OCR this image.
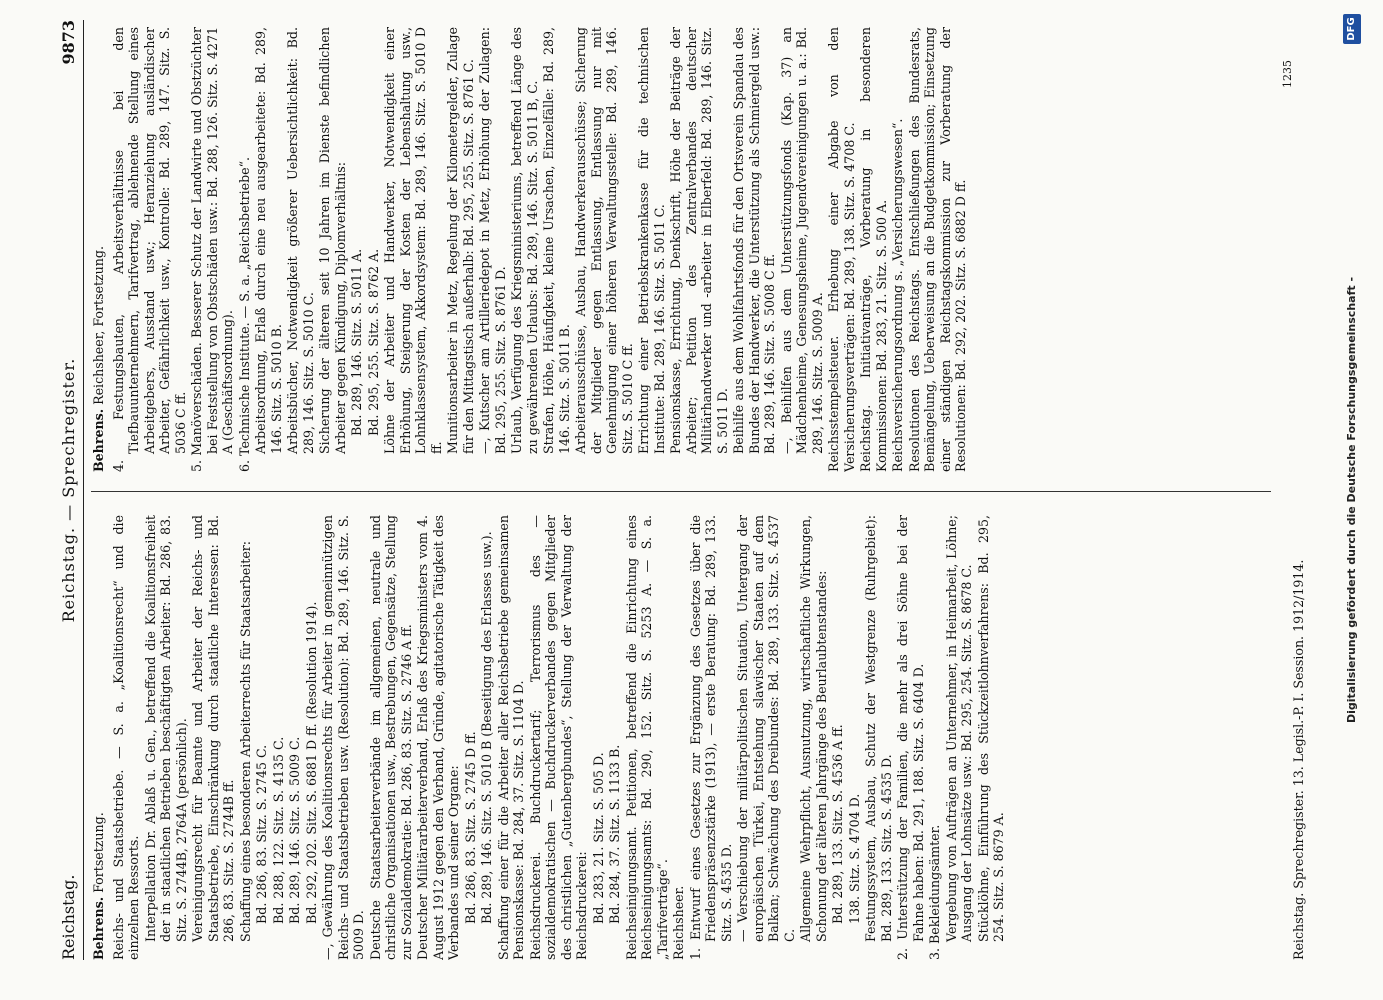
Reichstag.
Reichstag. — Sprechregister.
9873
Behrens. Fortsetzung. Reichs- und Staatsbetriebe. — S. a. „Koalitionsrecht“ und die einzelnen Ressorts. Interpellation Dr. Ablaß u. Gen., betreffend die Koalitionsfreiheit der in staatlichen Betrieben beschäftigten Arbeiter: Bd. 286, 83. Sitz. S. 2744B, 2764A (persönlich). Vereinigungsrecht für Beamte und Arbeiter der Reichs- und Staatsbetriebe, Einschränkung durch staatliche Interessen: Bd. 286, 83. Sitz. S. 2744B ff. Schaffung eines besonderen Arbeiterrechts für Staatsarbeiter: Bd. 286, 83. Sitz. S. 2745 C. Bd. 288, 122. Sitz. S. 4135 C. Bd. 289, 146. Sitz. S. 5009 C. Bd. 292, 202. Sitz. S. 6881 D ff. (Resolution 1914). —, Gewährung des Koalitionsrechts für Arbeiter in gemeinnützigen Reichs- und Staatsbetrieben usw. (Resolution): Bd. 289, 146. Sitz. S. 5009 D. Deutsche Staatsarbeiterverbände im allgemeinen, neutrale und christliche Organisationen usw., Bestrebungen, Gegensätze, Stellung zur Sozialdemokratie: Bd. 286, 83. Sitz. S. 2746 A ff. Deutscher Militärarbeiterverband, Erlaß des Kriegsministers vom 4. August 1912 gegen den Verband, Gründe, agitatorische Tätigkeit des Verbandes und seiner Organe: Bd. 286, 83. Sitz. S. 2745 D ff. Bd. 289, 146. Sitz. S. 5010 B (Beseitigung des Erlasses usw.). Schaffung einer für die Arbeiter aller Reichsbetriebe gemeinsamen Pensionskasse: Bd. 284, 37. Sitz. S. 1104 D. Reichsdruckerei. Buchdruckertarif; Terrorismus des — sozialdemokratischen — Buchdruckerverbandes gegen Mitglieder des christlichen „Gutenbergbundes“, Stellung der Verwaltung der Reichsdruckerei: Bd. 283, 21. Sitz. S. 505 D. Bd. 284, 37. Sitz. S. 1133 B. Reichseinigungsamt. Petitionen, betreffend die Einrichtung eines Reichseinigungsamts: Bd. 290, 152. Sitz. S. 5253 A. — S. a. „Tarifverträge“. Reichsheer. 1. Entwurf eines Gesetzes zur Ergänzung des Gesetzes über die Friedenspräsenzstärke (1913), — erste Beratung: Bd. 289, 133. Sitz. S. 4535 D. — Verschiebung der militärpolitischen Situation, Untergang der europäischen Türkei, Entstehung slawischer Staaten auf dem Balkan; Schwächung des Dreibundes: Bd. 289, 133. Sitz. S. 4537 C. Allgemeine Wehrpflicht, Ausnutzung, wirtschaftliche Wirkungen, Schonung der älteren Jahrgänge des Beurlaubtenstandes: Bd. 289, 133. Sitz. S. 4536 A ff. 138. Sitz. S. 4704 D. Festungssystem, Ausbau, Schutz der Westgrenze (Ruhrgebiet): Bd. 289, 133. Sitz. S. 4535 D. 2. Unterstützung der Familien, die mehr als drei Söhne bei der Fahne haben: Bd. 291, 188. Sitz. S. 6404 D. 3. Bekleidungsämter. Vergebung von Aufträgen an Unternehmer, in Heimarbeit, Löhne; Ausgang der Lohnsätze usw.: Bd. 295, 254. Sitz. S. 8678 C. Stücklöhne, Einführung des Stückzeitlohnverfahrens: Bd. 295, 254. Sitz. S. 8679 A.

Behrens. Reichsheer, Fortsetzung. 4. Festungsbauten, Arbeitsverhältnisse bei den Tiefbauunternehmern, Tarifvertrag, ablehnende Stellung eines Arbeitgebers, Ausstand usw.; Heranziehung ausländischer Arbeiter, Gefährlichkeit usw., Kontrolle: Bd. 289, 147. Sitz. S. 5036 C ff. 5. Manöverschäden. Besserer Schutz der Landwirte und Obstzüchter bei Feststellung von Obstschäden usw.: Bd. 288, 126. Sitz. S. 4271 A (Geschäftsordnung). 6. Technische Institute. — S. a. „Reichsbetriebe“. Arbeitsordnung, Erlaß durch eine neu ausgearbeitete: Bd. 289, 146. Sitz. S. 5010 B. Arbeitsbücher, Notwendigkeit größerer Uebersichtlichkeit: Bd. 289, 146. Sitz. S. 5010 C. Sicherung der älteren seit 10 Jahren im Dienste befindlichen Arbeiter gegen Kündigung, Diplomverhältnis: Bd. 289, 146. Sitz. S. 5011 A. Bd. 295, 255. Sitz. S. 8762 A. Löhne der Arbeiter und Handwerker, Notwendigkeit einer Erhöhung, Steigerung der Kosten der Lebenshaltung usw., Lohnklassensystem, Akkordsystem: Bd. 289, 146. Sitz. S. 5010 D ff. Munitionsarbeiter in Metz, Regelung der Kilometergelder, Zulage für den Mittagstisch außerhalb: Bd. 295, 255. Sitz. S. 8761 C. —, Kutscher am Artilleriedepot in Metz, Erhöhung der Zulagen: Bd. 295, 255. Sitz. S. 8761 D. Urlaub, Verfügung des Kriegsministeriums, betreffend Länge des zu gewährenden Urlaubs: Bd. 289, 146. Sitz. S. 5011 B, C. Strafen, Höhe, Häufigkeit, kleine Ursachen, Einzelfälle: Bd. 289, 146. Sitz. S. 5011 B. Arbeiterausschüsse, Ausbau, Handwerkerausschüsse; Sicherung der Mitglieder gegen Entlassung, Entlassung nur mit Genehmigung einer höheren Verwaltungsstelle: Bd. 289, 146. Sitz. S. 5010 C ff. Errichtung einer Betriebskrankenkasse für die technischen Institute: Bd. 289, 146. Sitz. S. 5011 C. Pensionskasse, Errichtung, Denkschrift, Höhe der Beiträge der Arbeiter; Petition des Zentralverbandes deutscher Militärhandwerker und -arbeiter in Elberfeld: Bd. 289, 146. Sitz. S. 5011 D. Beihilfe aus dem Wohlfahrtsfonds für den Ortsverein Spandau des Bundes der Handwerker, die Unterstützung als Schmiergeld usw.: Bd. 289, 146. Sitz. S. 5008 C ff. —, Beihilfen aus dem Unterstützungsfonds (Kap. 37) an Mädchenheime, Genesungsheime, Jugendvereinigungen u. a.: Bd. 289, 146. Sitz. S. 5009 A. Reichsstempelsteuer. Erhebung einer Abgabe von den Versicherungsverträgen: Bd. 289, 138. Sitz. S. 4708 C. Reichstag. Initiativanträge, Vorberatung in besonderen Kommissionen: Bd. 283, 21. Sitz. S. 500 A. Reichsversicherungsordnung s. „Versicherungswesen“. Resolutionen des Reichstags. Entschließungen des Bundesrats, Bemängelung, Ueberweisung an die Budgetkommission; Einsetzung einer ständigen Reichstagskommission zur Vorberatung der Resolutionen: Bd. 292, 202. Sitz. S. 6882 D ff.

Reichstag. Sprechregister. 13. Legisl.-P. I. Session. 1912/1914.
1235
Digitalisierung gefördert durch die Deutsche Forschungsgemeinschaft -
DFG
